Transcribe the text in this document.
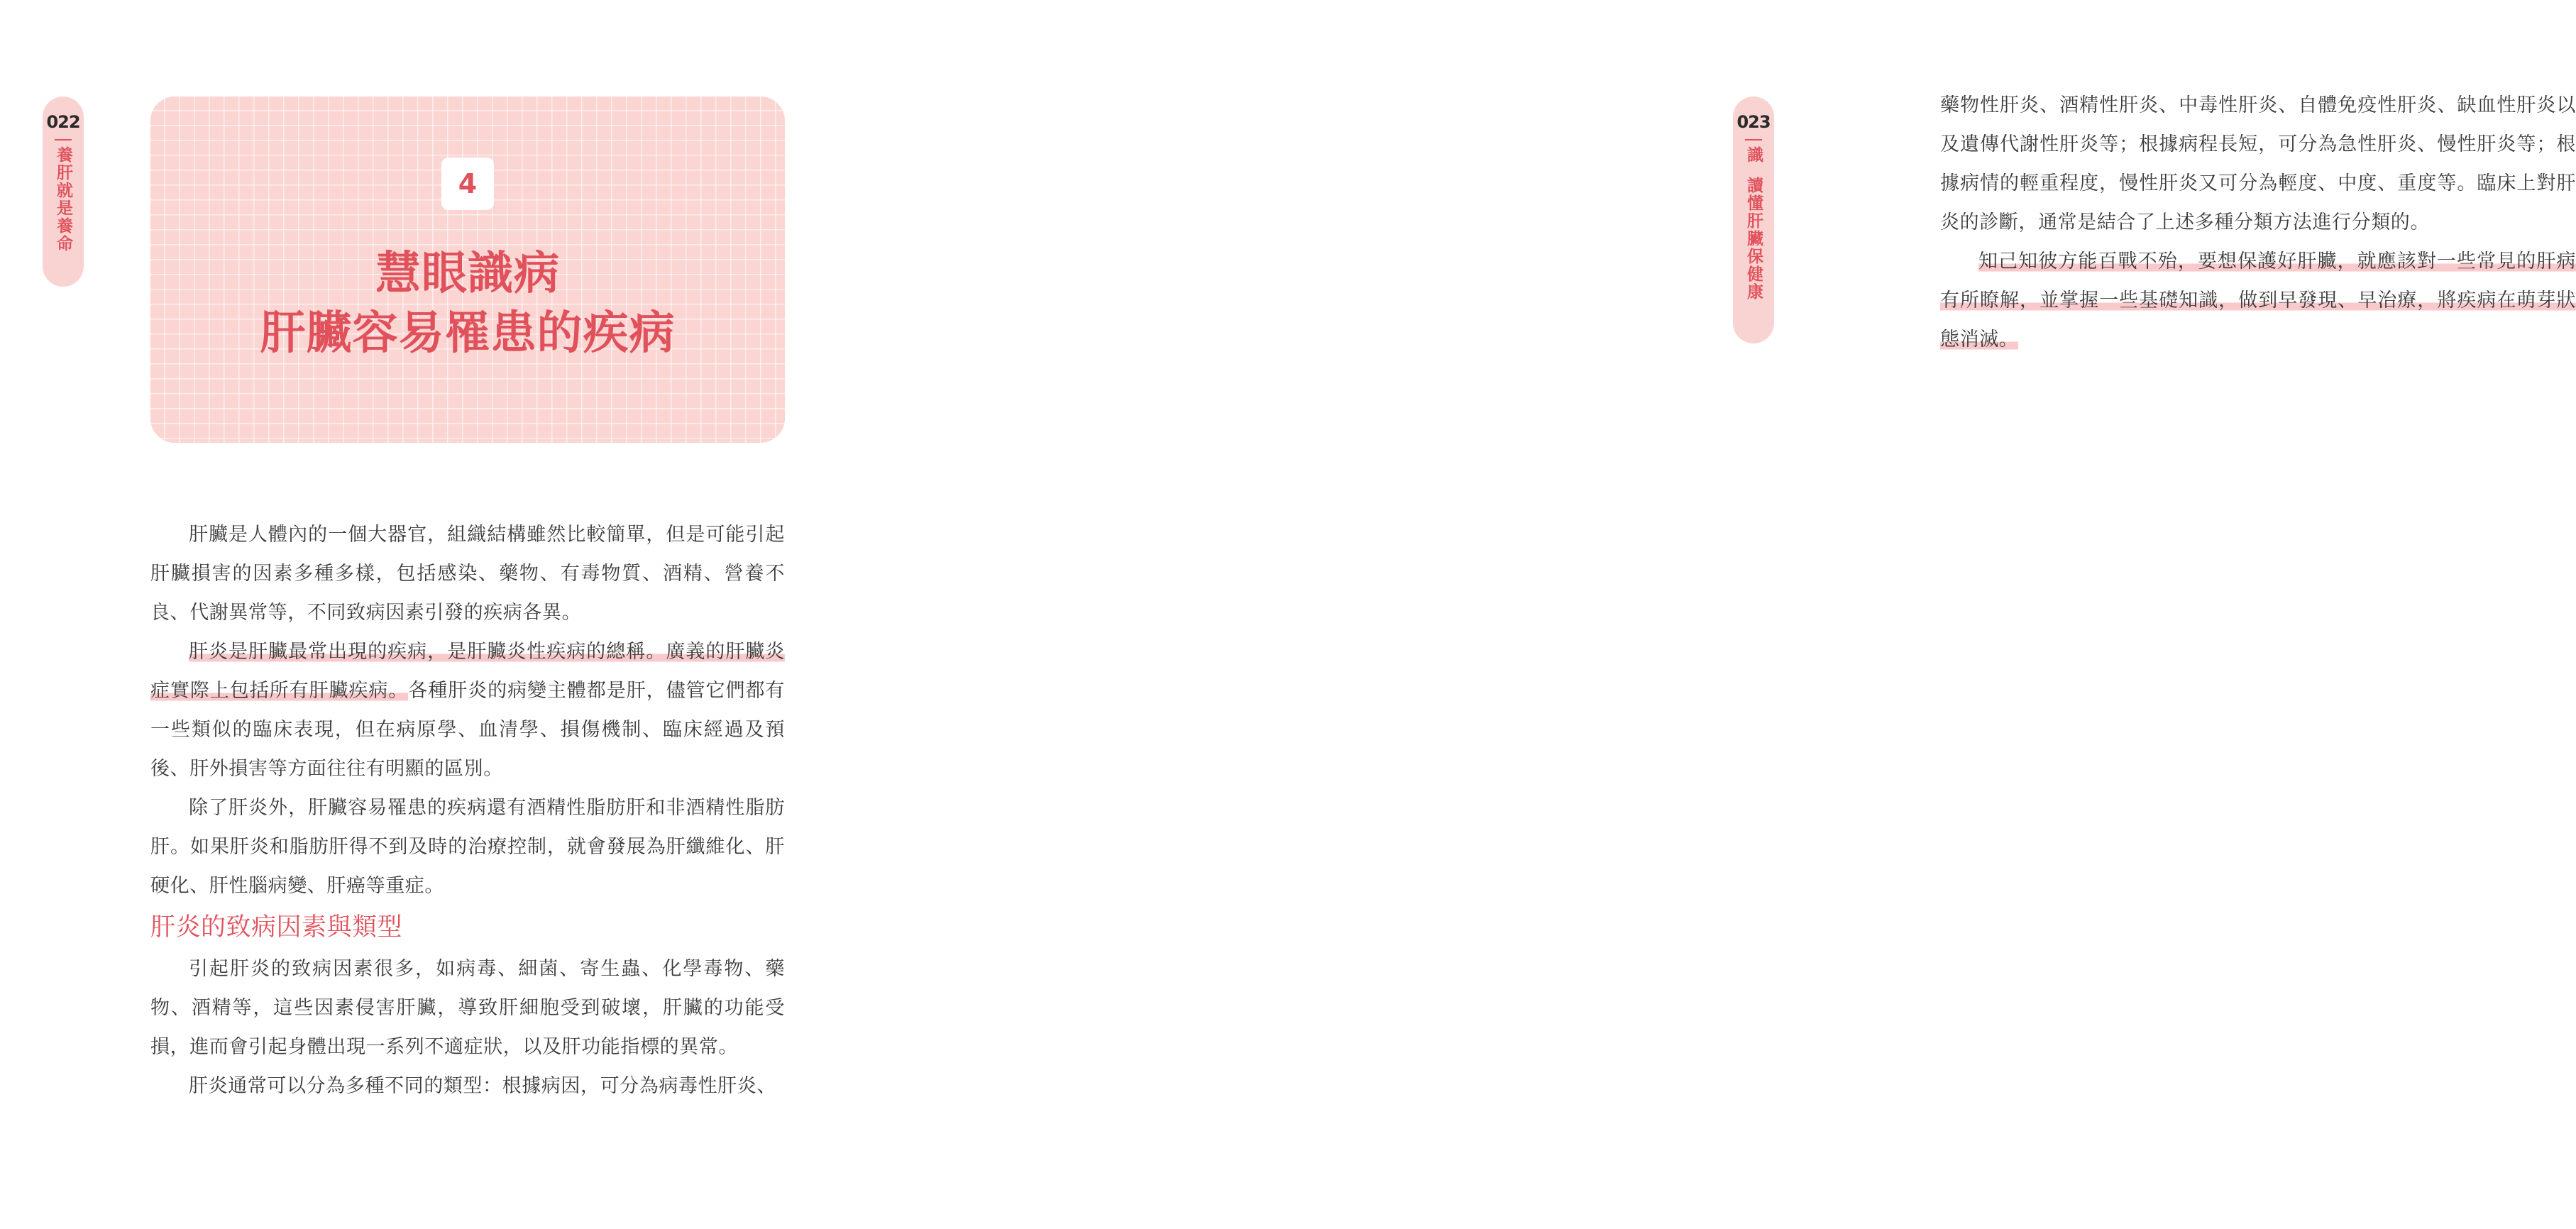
022
養肝就是養命	4
慧眼識病
肝臟容易罹患的疾病

肝臟是人體內的一個大器官，組織結構雖然比較簡單，但是可能引起肝臟損害的因素多種多樣，包括感染、藥物、有毒物質、酒精、營養不良、代謝異常等，不同致病因素引發的疾病各異。

肝炎是肝臟最常出現的疾病，是肝臟炎性疾病的總稱。廣義的肝臟炎症實際上包括所有肝臟疾病。各種肝炎的病變主體都是肝，儘管它們都有一些類似的臨床表現，但在病原學、血清學、損傷機制、臨床經過及預後、肝外損害等方面往往有明顯的區別。

除了肝炎外，肝臟容易罹患的疾病還有酒精性脂肪肝和非酒精性脂肪肝。如果肝炎和脂肪肝得不到及時的治療控制，就會發展為肝纖維化、肝硬化、肝性腦病變、肝癌等重症。

肝炎的致病因素與類型

引起肝炎的致病因素很多，如病毒、細菌、寄生蟲、化學毒物、藥物、酒精等，這些因素侵害肝臟，導致肝細胞受到破壞，肝臟的功能受損，進而會引起身體出現一系列不適症狀，以及肝功能指標的異常。

肝炎通常可以分為多種不同的類型：根據病因，可分為病毒性肝炎、

藥物性肝炎、酒精性肝炎、中毒性肝炎、自體免疫性肝炎、缺血性肝炎以及遺傳代謝性肝炎等；根據病程長短，可分為急性肝炎、慢性肝炎等；根據病情的輕重程度，慢性肝炎又可分為輕度、中度、重度等。臨床上對肝炎的診斷，通常是結合了上述多種分類方法進行分類的。

知己知彼方能百戰不殆，要想保護好肝臟，就應該對一些常見的肝病有所瞭解，並掌握一些基礎知識，做到早發現、早治療，將疾病在萌芽狀態消滅。

023
識
讀懂肝臟保健康
